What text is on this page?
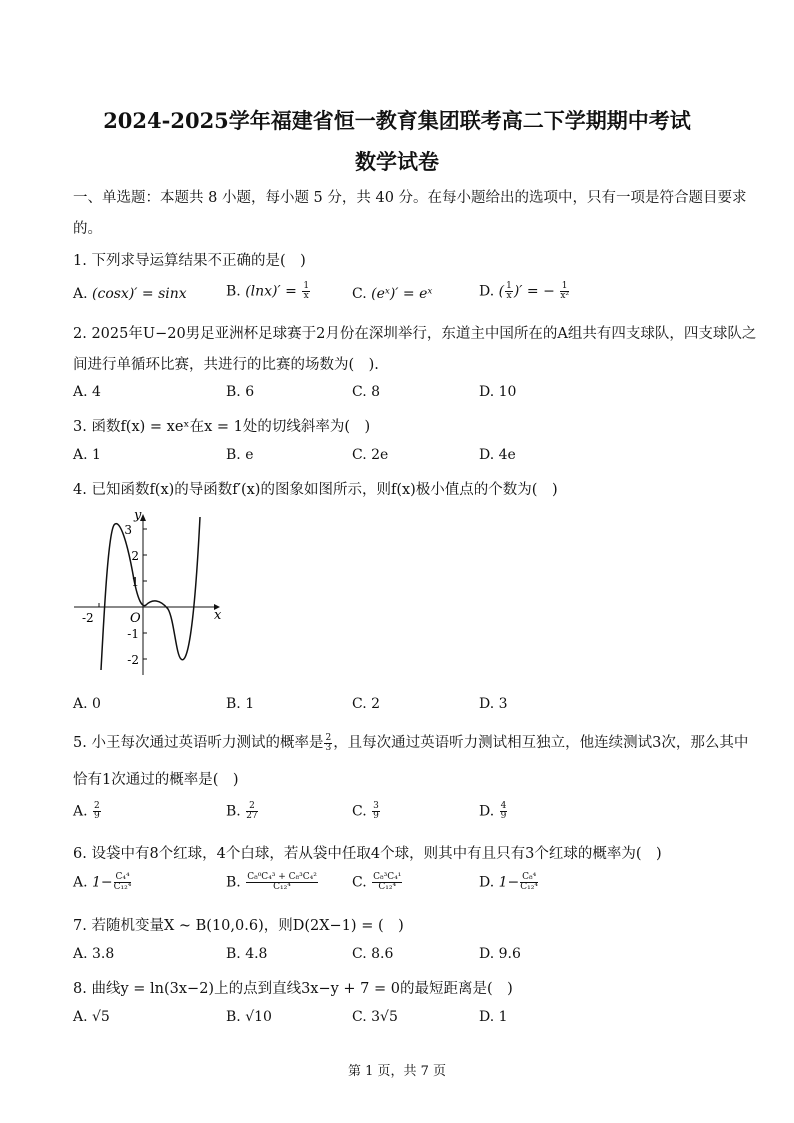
2024-2025学年福建省恒一教育集团联考高二下学期期中考试
数学试卷
一、单选题：本题共 8 小题，每小题 5 分，共 40 分。在每小题给出的选项中，只有一项是符合题目要求
的。
1. 下列求导运算结果不正确的是(　)
A. (cosx)′ = sinx	B. $(\ln x)' = \frac{1}{x}$	C. (eˣ)′ = eˣ	D. ( $\frac{1}{x}$ )′ = − $\frac{1}{\text{x²}}$
2. 2025年U−20男足亚洲杯足球赛于2月份在深圳举行，东道主中国所在的A组共有四支球队，四支球队之
间进行单循环比赛，共进行的比赛的场数为(　).
A. 4	B. 6	C. 8	D. 10
3. 函数f(x) = xeˣ在x = 1处的切线斜率为(　)
A. 1	B. e	C. 2e	D. 4e
4. 已知函数f(x)的导函数f′(x)的图象如图所示，则f(x)极小值点的个数为(　)
y
x
O
3
2
1
-1
-2
-2
A. 0	B. 1	C. 2	D. 3
5. 小王每次通过英语听力测试的概率是 $\frac{2}{3}$ ，且每次通过英语听力测试相互独立，他连续测试3次，那么其中
恰有1次通过的概率是(　)
A. $\frac{2}{9}$	B. $\frac{2}{27}$	C. $\frac{3}{9}$	D. $\frac{4}{9}$
6. 设袋中有8个红球，4个白球，若从袋中任取4个球，则其中有且只有3个红球的概率为(　)
A. $1- \frac{\text{C₄⁴}}{\text{C₁₂⁴}}$	B. $\frac{\text{C₈⁰C₄³ + C₈³C₄²}}{\text{C₁₂⁴}} C$. $\frac{\text{C₈³C₄¹}}{\text{C₁₂⁴}}$	D. $1- \frac{\text{C₈⁴}}{\text{C₁₂⁴}}$
7. 若随机变量X ~ B(10,0.6)，则D(2X−1) = (　)
A. 3.8	B. 4.8	C. 8.6	D. 9.6
8. 曲线y = ln(3x−2)上的点到直线3x−y + 7 = 0的最短距离是(　)
A. √5	B. √10	C. 3√5	D. 1
第 1 页，共 7 页
